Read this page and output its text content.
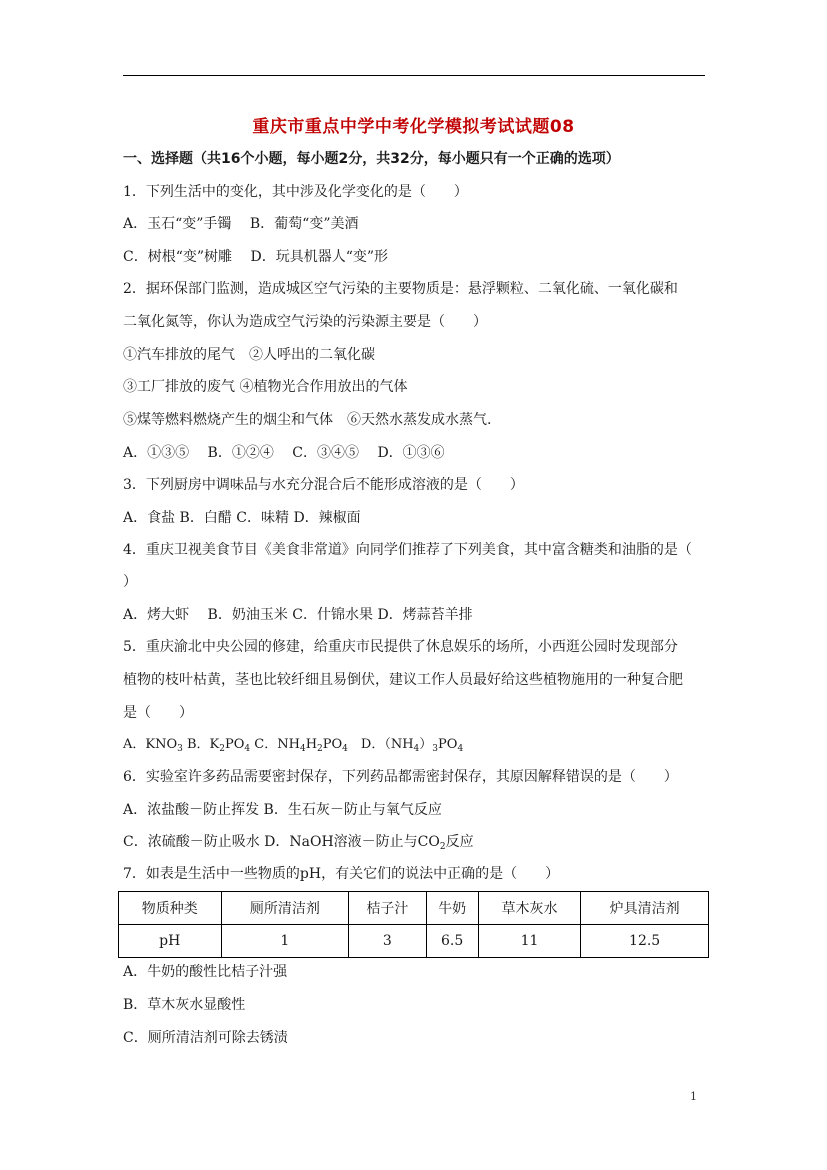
重庆市重点中学中考化学模拟考试试题08
一、选择题（共16个小题，每小题2分，共32分，每小题只有一个正确的选项）
1．下列生活中的变化，其中涉及化学变化的是（　　）
A．玉石“变”手镯　 B．葡萄“变”美酒
C．树根“变”树雕　 D．玩具机器人“变”形
2．据环保部门监测，造成城区空气污染的主要物质是：悬浮颗粒、二氧化硫、一氧化碳和
二氧化氮等，你认为造成空气污染的污染源主要是（　　）
①汽车排放的尾气　②人呼出的二氧化碳
③工厂排放的废气 ④植物光合作用放出的气体
⑤煤等燃料燃烧产生的烟尘和气体　⑥天然水蒸发成水蒸气.
A．①③⑤　 B．①②④　 C．③④⑤　 D．①③⑥
3．下列厨房中调味品与水充分混合后不能形成溶液的是（　　）
A．食盐 B．白醋 C．味精 D．辣椒面
4．重庆卫视美食节目《美食非常道》向同学们推荐了下列美食，其中富含糖类和油脂的是（
）
A．烤大虾　 B．奶油玉米 C．什锦水果 D．烤蒜苔羊排
5．重庆渝北中央公园的修建，给重庆市民提供了休息娱乐的场所，小西逛公园时发现部分
植物的枝叶枯黄，茎也比较纤细且易倒伏，建议工作人员最好给这些植物施用的一种复合肥
是（　　）
A．$KNO_3$ B．$K_2PO_4$ C．$NH_4H_2PO_4$　D．$(NH_4)_3PO_4$
6．实验室许多药品需要密封保存，下列药品都需密封保存，其原因解释错误的是（　　）
A．浓盐酸－防止挥发 B．生石灰－防止与氧气反应
C．浓硫酸－防止吸水 D．NaOH溶液－防止与$CO_2$反应
7．如表是生活中一些物质的pH，有关它们的说法中正确的是（　　）
物质种类	厕所清洁剂	桔子汁	牛奶	草木灰水	炉具清洁剂
pH	1	3	6.5	11	12.5
A．牛奶的酸性比桔子汁强
B．草木灰水显酸性
C．厕所清洁剂可除去锈渍
1
